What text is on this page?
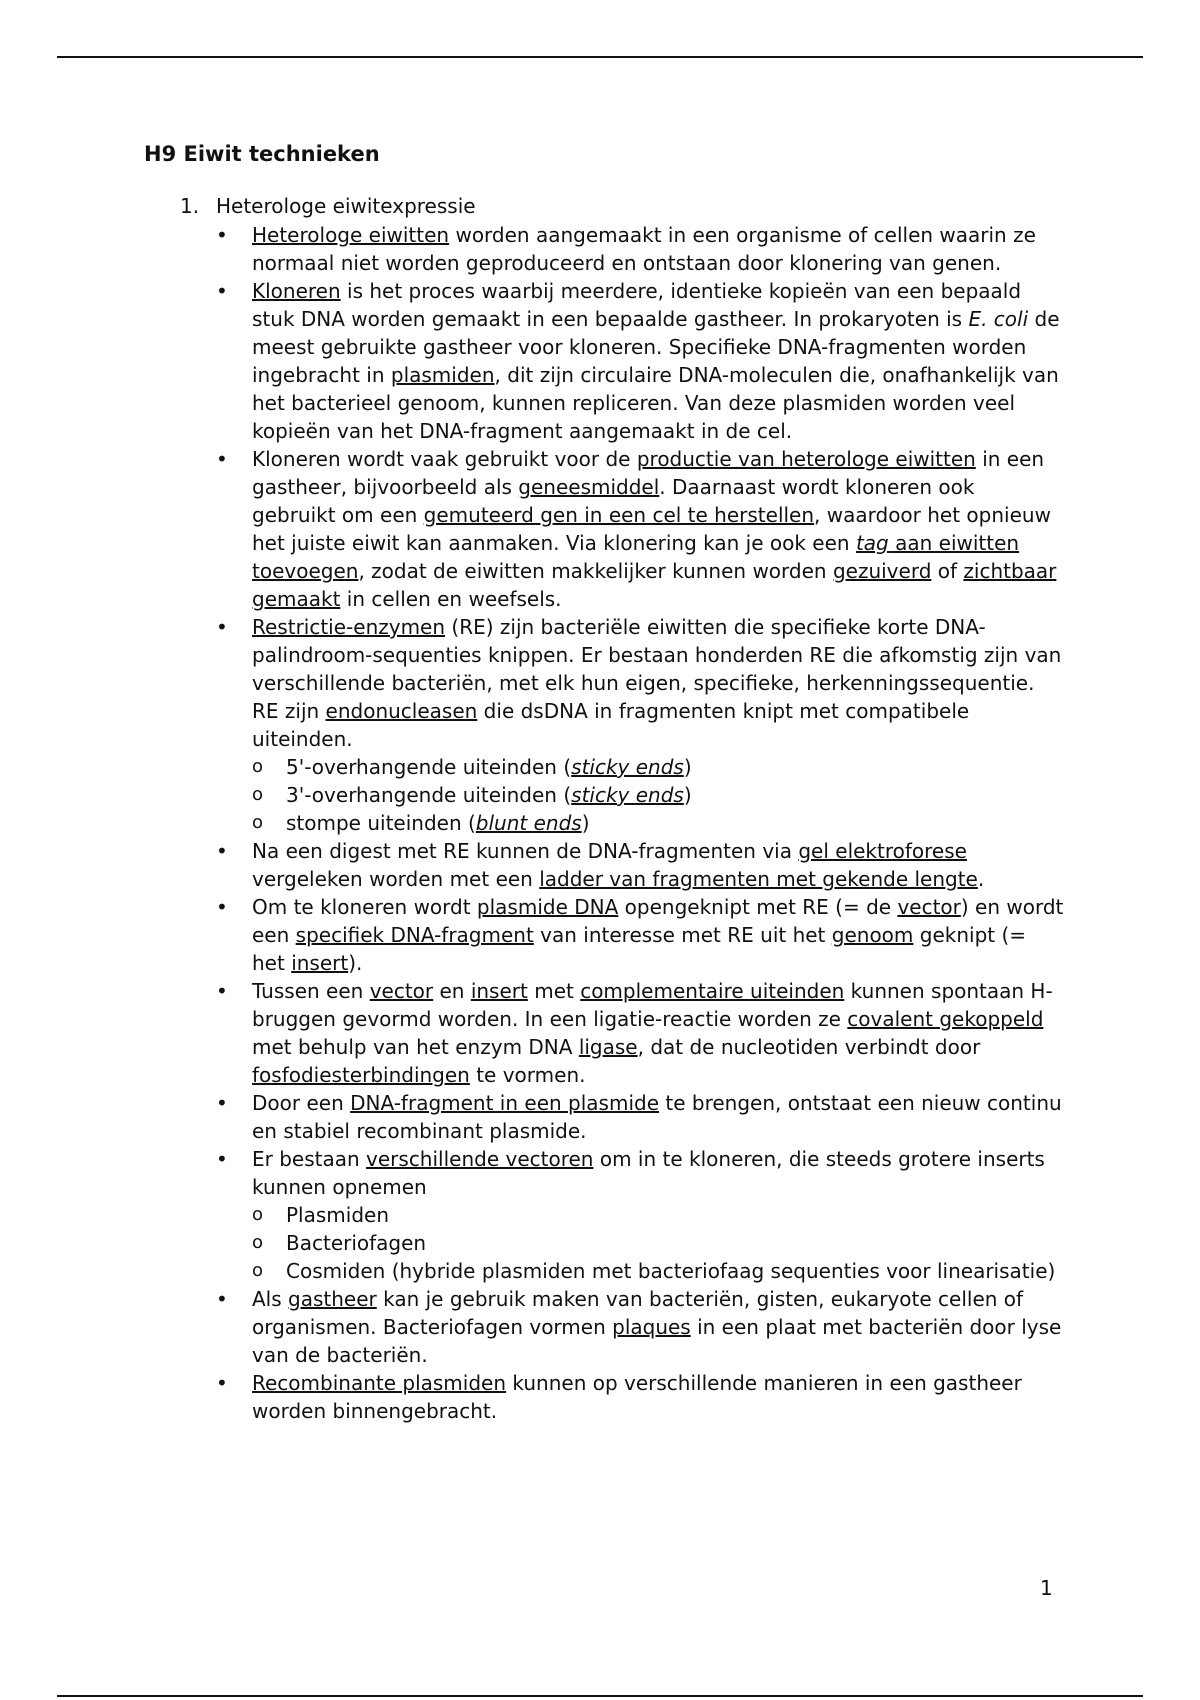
H9 Eiwit technieken
1. Heterologe eiwitexpressie
•	Heterologe eiwitten worden aangemaakt in een organisme of cellen waarin ze normaal niet worden geproduceerd en ontstaan door klonering van genen.
•	Kloneren is het proces waarbij meerdere, identieke kopieën van een bepaald stuk DNA worden gemaakt in een bepaalde gastheer. In prokaryoten is E. coli de meest gebruikte gastheer voor kloneren. Specifieke DNA-fragmenten worden ingebracht in plasmiden, dit zijn circulaire DNA-moleculen die, onafhankelijk van het bacterieel genoom, kunnen repliceren. Van deze plasmiden worden veel kopieën van het DNA-fragment aangemaakt in de cel.
•	Kloneren wordt vaak gebruikt voor de productie van heterologe eiwitten in een gastheer, bijvoorbeeld als geneesmiddel. Daarnaast wordt kloneren ook gebruikt om een gemuteerd gen in een cel te herstellen, waardoor het opnieuw het juiste eiwit kan aanmaken. Via klonering kan je ook een tag aan eiwitten toevoegen, zodat de eiwitten makkelijker kunnen worden gezuiverd of zichtbaar gemaakt in cellen en weefsels.
•	Restrictie-enzymen (RE) zijn bacteriële eiwitten die specifieke korte DNA-palindroom-sequenties knippen. Er bestaan honderden RE die afkomstig zijn van verschillende bacteriën, met elk hun eigen, specifieke, herkenningssequentie. RE zijn endonucleasen die dsDNA in fragmenten knipt met compatibele uiteinden.
o 5'-overhangende uiteinden (sticky ends)
o 3'-overhangende uiteinden (sticky ends)
o stompe uiteinden (blunt ends)
•	Na een digest met RE kunnen de DNA-fragmenten via gel elektroforese vergeleken worden met een ladder van fragmenten met gekende lengte.
•	Om te kloneren wordt plasmide DNA opengeknipt met RE (= de vector) en wordt een specifiek DNA-fragment van interesse met RE uit het genoom geknipt (= het insert).
•	Tussen een vector en insert met complementaire uiteinden kunnen spontaan H-bruggen gevormd worden. In een ligatie-reactie worden ze covalent gekoppeld met behulp van het enzym DNA ligase, dat de nucleotiden verbindt door fosfodiesterbindingen te vormen.
•	Door een DNA-fragment in een plasmide te brengen, ontstaat een nieuw continu en stabiel recombinant plasmide.
•	Er bestaan verschillende vectoren om in te kloneren, die steeds grotere inserts kunnen opnemen
o Plasmiden
o Bacteriofagen
o Cosmiden (hybride plasmiden met bacteriofaag sequenties voor linearisatie)
•	Als gastheer kan je gebruik maken van bacteriën, gisten, eukaryote cellen of organismen. Bacteriofagen vormen plaques in een plaat met bacteriën door lyse van de bacteriën.
•	Recombinante plasmiden kunnen op verschillende manieren in een gastheer worden binnengebracht.
1
